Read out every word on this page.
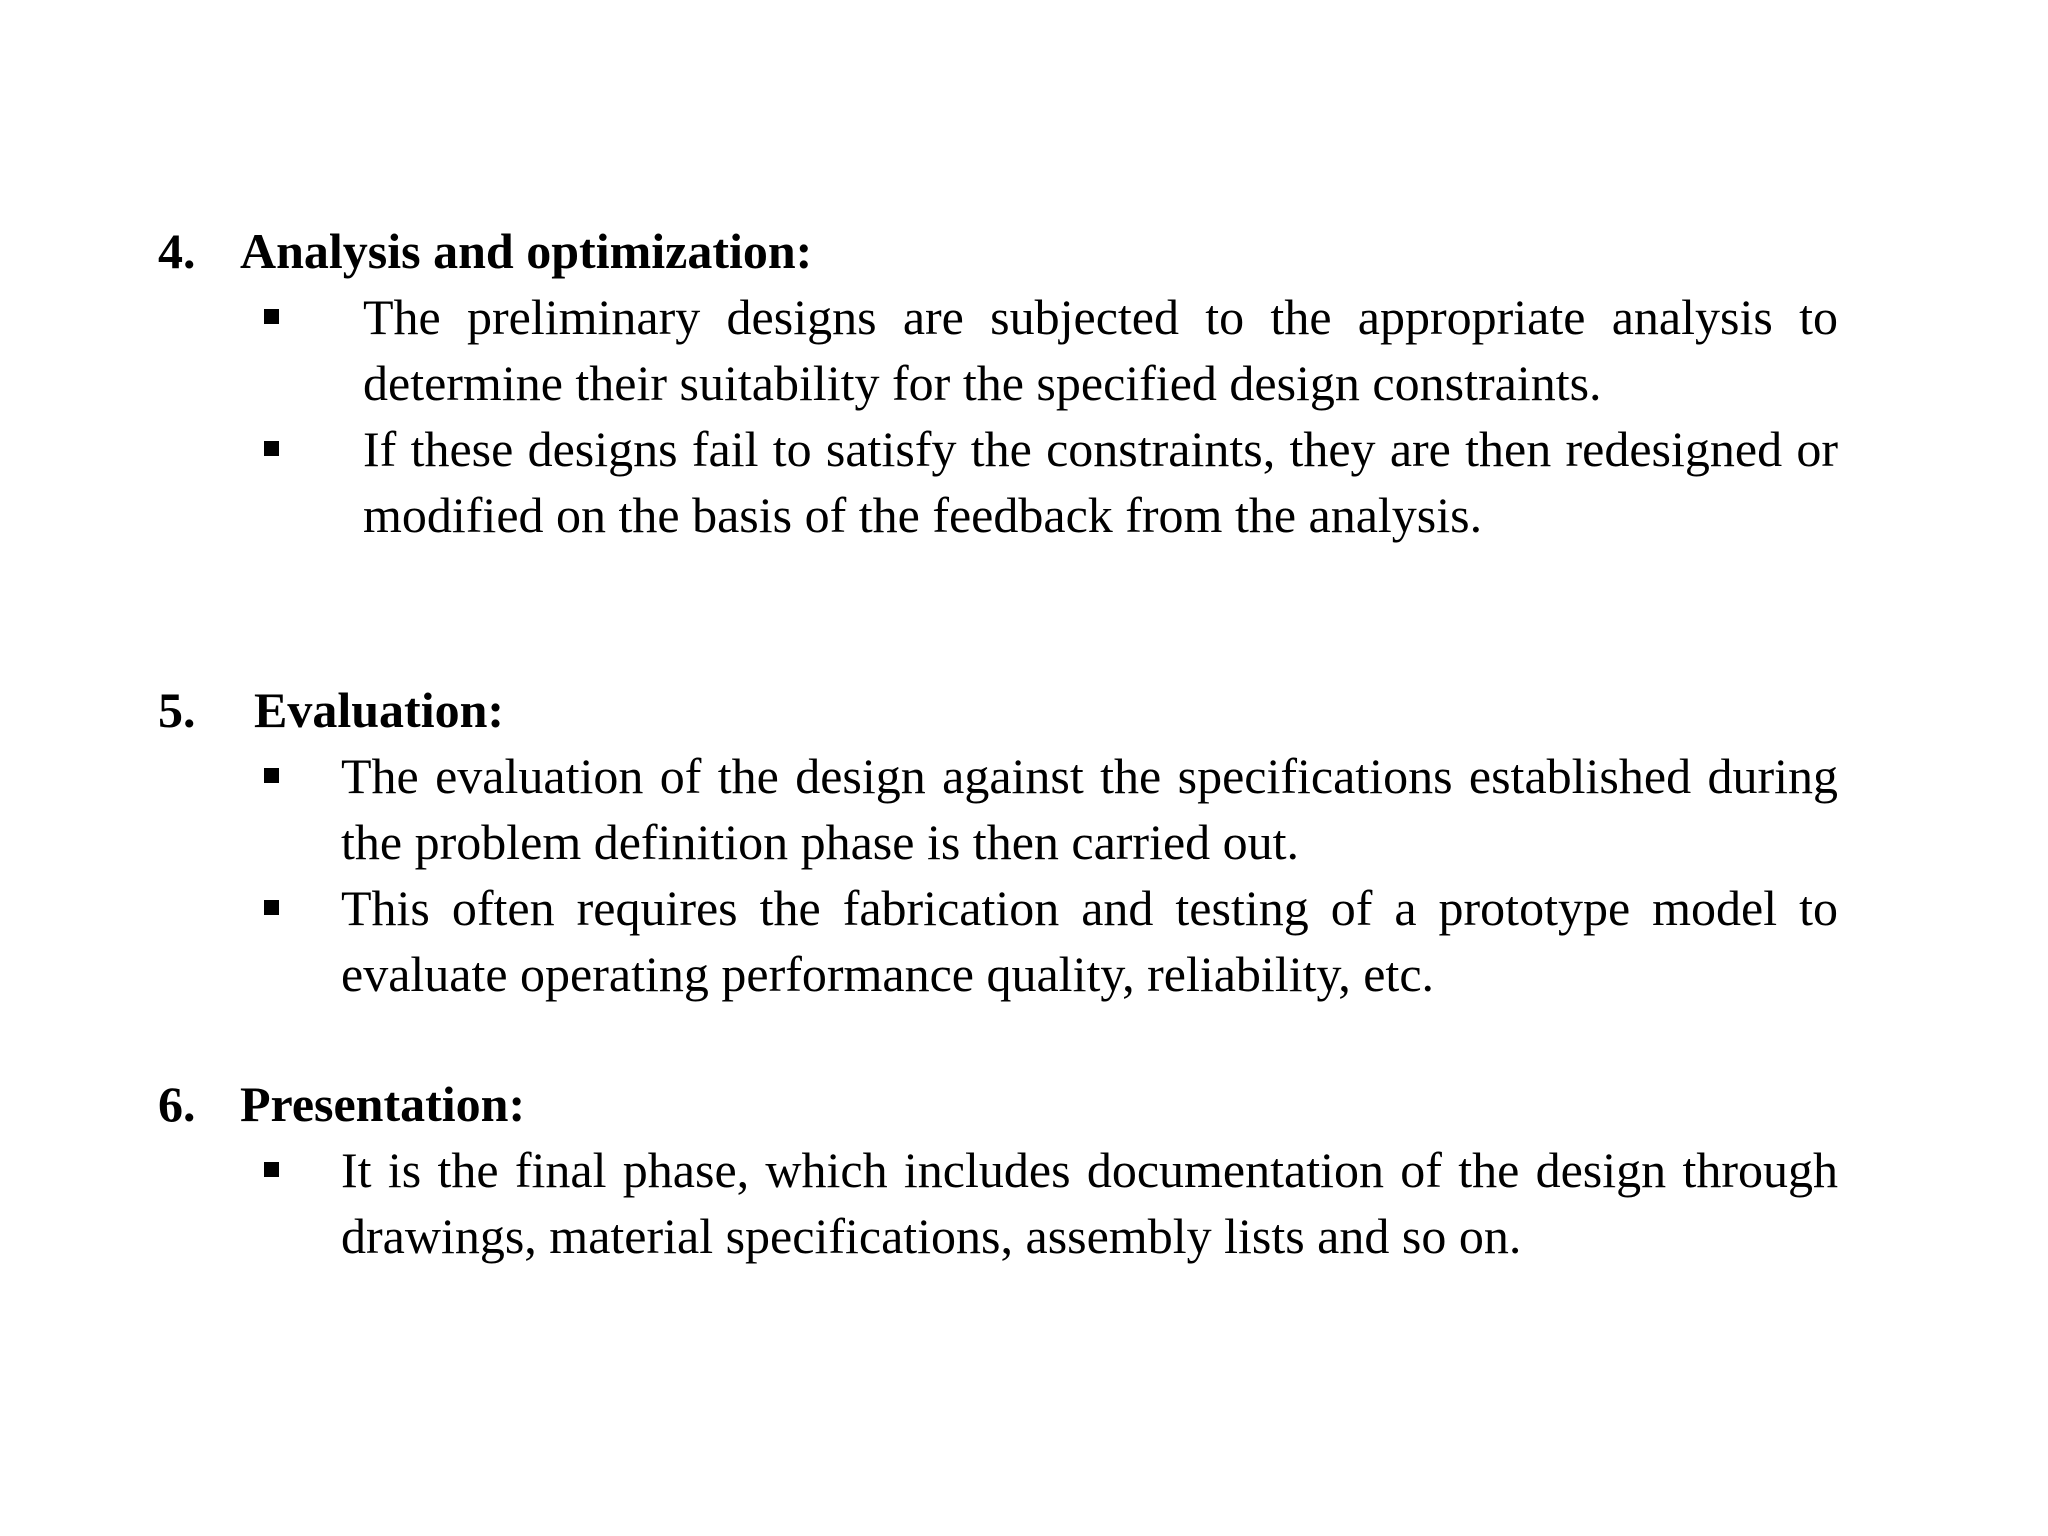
4. Analysis and optimization:
The preliminary designs are subjected to the appropriate analysis to determine their suitability for the specified design constraints.
If these designs fail to satisfy the constraints, they are then redesigned or modified on the basis of the feedback from the analysis.
5.	Evaluation:
The evaluation of the design against the specifications established during the problem definition phase is then carried out.
This often requires the fabrication and testing of a prototype model to evaluate operating performance quality, reliability, etc.
6. Presentation:
It is the final phase, which includes documentation of the design through drawings, material specifications, assembly lists and so on.
